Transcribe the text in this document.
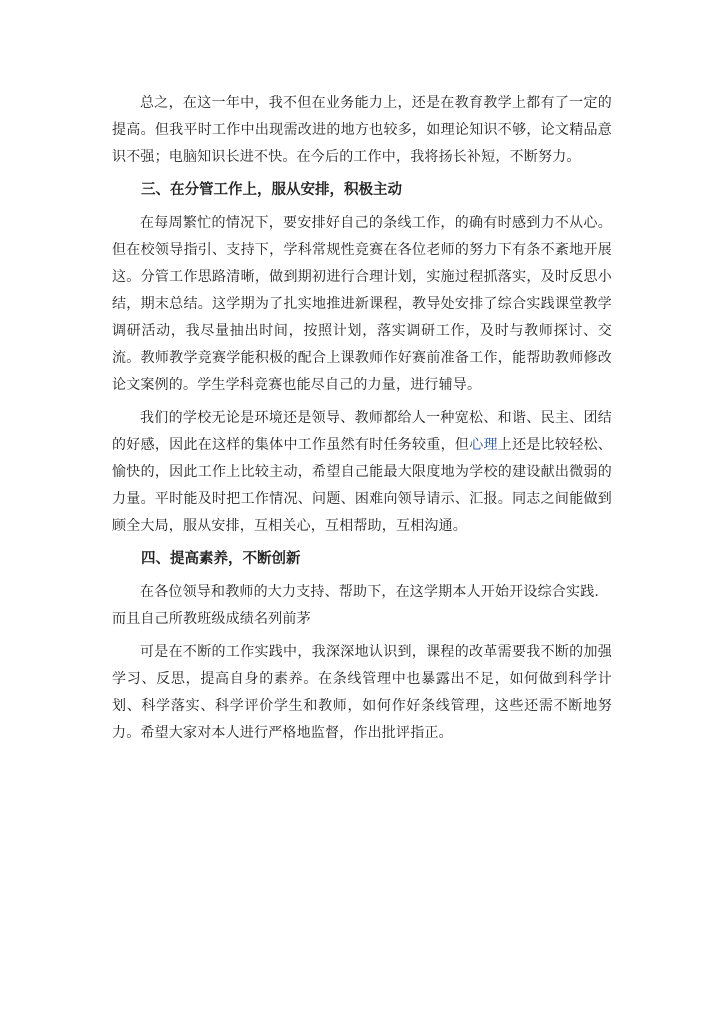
总之，在这一年中，我不但在业务能力上，还是在教育教学上都有了一定的提高。但我平时工作中出现需改进的地方也较多，如理论知识不够，论文精品意识不强；电脑知识长进不快。在今后的工作中，我将扬长补短，不断努力。

三、在分管工作上，服从安排，积极主动

在每周繁忙的情况下，要安排好自己的条线工作，的确有时感到力不从心。但在校领导指引、支持下，学科常规性竞赛在各位老师的努力下有条不紊地开展这。分管工作思路清晰，做到期初进行合理计划，实施过程抓落实，及时反思小结，期末总结。这学期为了扎实地推进新课程，教导处安排了综合实践课堂教学调研活动，我尽量抽出时间，按照计划，落实调研工作，及时与教师探讨、交流。教师教学竞赛学能积极的配合上课教师作好赛前准备工作，能帮助教师修改论文案例的。学生学科竞赛也能尽自己的力量，进行辅导。

我们的学校无论是环境还是领导、教师都给人一种宽松、和谐、民主、团结的好感，因此在这样的集体中工作虽然有时任务较重，但心理上还是比较轻松、愉快的，因此工作上比较主动，希望自己能最大限度地为学校的建设献出微弱的力量。平时能及时把工作情况、问题、困难向领导请示、汇报。同志之间能做到顾全大局，服从安排，互相关心，互相帮助，互相沟通。

四、提高素养，不断创新

在各位领导和教师的大力支持、帮助下，在这学期本人开始开设综合实践.

而且自己所教班级成绩名列前茅

可是在不断的工作实践中，我深深地认识到，课程的改革需要我不断的加强学习、反思，提高自身的素养。在条线管理中也暴露出不足，如何做到科学计划、科学落实、科学评价学生和教师，如何作好条线管理，这些还需不断地努力。希望大家对本人进行严格地监督，作出批评指正。
